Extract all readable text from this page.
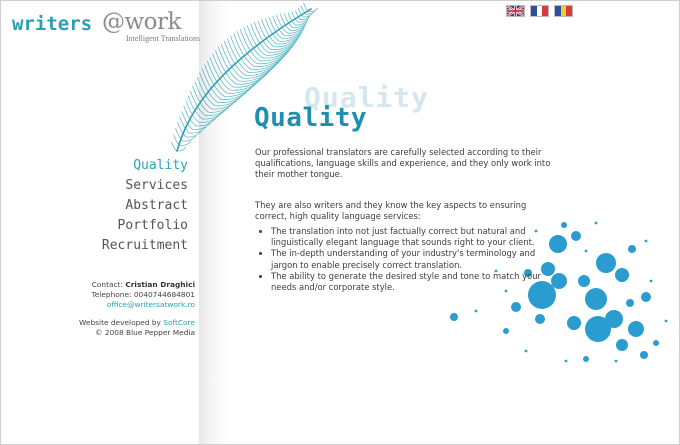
writers @work
Intelligent Translations
Quality
Services
Abstract
Portfolio
Recruitment
Contact: Cristian Draghici
Telephone: 0040744684801
office@writersatwork.ro
Website developed by SoftCore
© 2008 Blue Pepper Media
Quality
Quality

Our professional translators are carefully selected according to their qualifications, language skills and experience, and they only work into their mother tongue.

They are also writers and they know the key aspects to ensuring correct, high quality language services:

• The translation into not just factually correct but natural and linguistically elegant language that sounds right to your client.
• The in-depth understanding of your industry's terminology and jargon to enable precisely correct translation.
• The ability to generate the desired style and tone to match your needs and/or corporate style.
